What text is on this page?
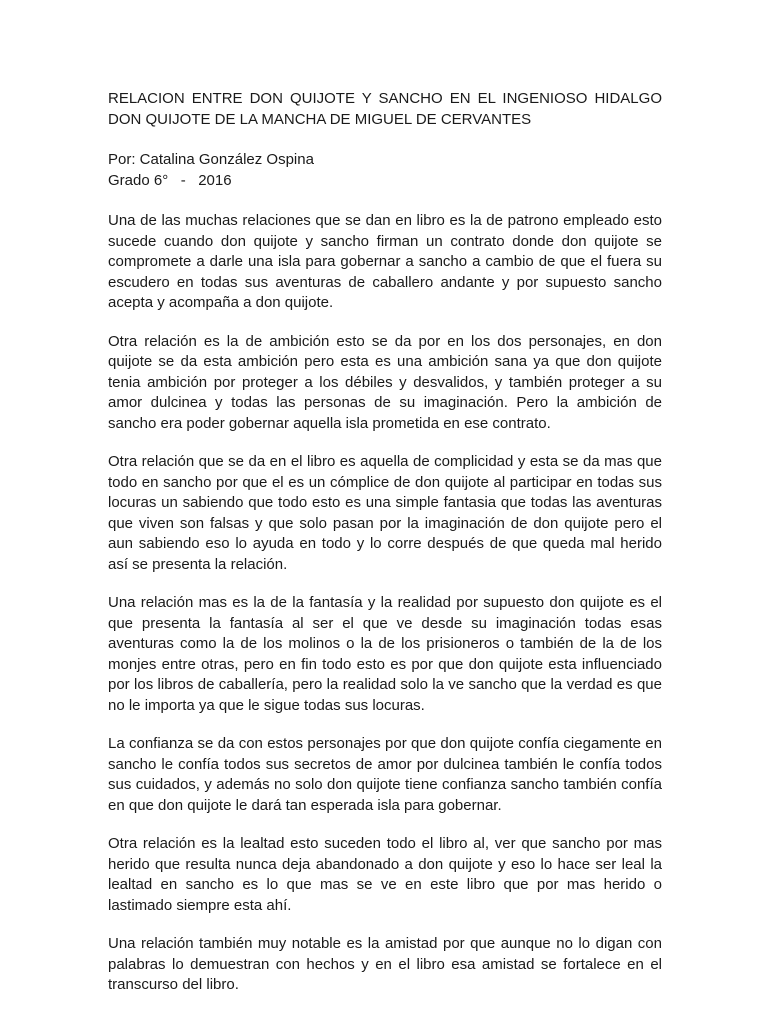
RELACION ENTRE DON QUIJOTE Y SANCHO EN EL INGENIOSO HIDALGO DON QUIJOTE DE LA MANCHA DE MIGUEL DE CERVANTES

Por: Catalina González Ospina
Grado 6°   -   2016

Una de las muchas relaciones que se dan en libro es la de patrono empleado esto sucede cuando don quijote y sancho firman un contrato donde don quijote se compromete a darle una isla para gobernar a sancho a cambio de que el fuera su escudero en todas sus aventuras de caballero andante y por supuesto sancho acepta y acompaña a don quijote.

Otra relación es la de ambición esto se da por en los dos personajes, en don quijote se da esta ambición pero esta es una ambición sana ya que don quijote tenia ambición por proteger a los débiles y desvalidos, y también proteger a su amor dulcinea y todas las personas de su imaginación. Pero la ambición de sancho era poder gobernar aquella isla prometida en ese contrato.

Otra relación que se da en el libro es aquella de complicidad y esta se da mas que todo en sancho por que el es un cómplice de don quijote al participar en todas sus locuras un sabiendo que todo esto es una simple fantasia que todas las aventuras que viven son falsas y que solo pasan por la imaginación de don quijote pero el aun sabiendo eso lo ayuda en todo y lo corre después de que queda mal herido así se presenta la relación.

Una relación mas es la de la fantasía y la realidad por supuesto don quijote es el que presenta la fantasía al ser el que ve desde su imaginación todas esas aventuras como la de los molinos o la de los prisioneros o también de la de los monjes entre otras, pero en fin todo esto es por que don quijote esta influenciado por los libros de caballería, pero la realidad solo la ve sancho que la verdad es que no le importa ya que le sigue todas sus locuras.

La confianza se da con estos personajes por que don quijote confía ciegamente en sancho le confía todos sus secretos de amor por dulcinea también le confía todos sus cuidados, y además no solo don quijote tiene confianza sancho también confía en que don quijote le dará tan esperada isla para gobernar.

Otra relación es la lealtad esto suceden todo el libro al, ver que sancho por mas herido que resulta nunca deja abandonado a don quijote y eso lo hace ser leal la lealtad en sancho es lo que mas se ve en este libro que por mas herido o lastimado siempre esta ahí.

Una relación también muy notable es la amistad por que aunque no lo digan con palabras lo demuestran con hechos y en el libro esa amistad se fortalece en el transcurso del libro.
